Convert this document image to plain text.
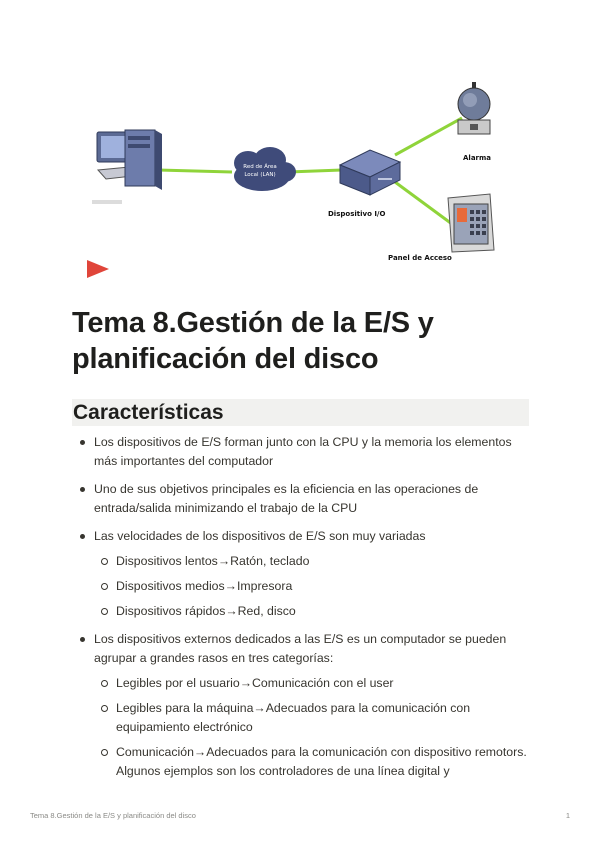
Red de Área
Local (LAN)
Dispositivo I/O
Alarma
Panel de Acceso
Tema 8.Gestión de la E/S y planificación del disco
Características
Los dispositivos de E/S forman junto con la CPU y la memoria los elementos más importantes del computador
Uno de sus objetivos principales es la eficiencia en las operaciones de entrada/salida minimizando el trabajo de la CPU
Las velocidades de los dispositivos de E/S son muy variadas
Dispositivos lentos→Ratón, teclado
Dispositivos medios→Impresora
Dispositivos rápidos→Red, disco
Los dispositivos externos dedicados a las E/S es un computador se pueden agrupar a grandes rasos en tres categorías:
Legibles por el usuario→Comunicación con el user
Legibles para la máquina→Adecuados para la comunicación con equipamiento electrónico
Comunicación→Adecuados para la comunicación con dispositivo remotors. Algunos ejemplos son los controladores de una línea digital y
Tema 8.Gestión de la E/S y planificación del disco	1
